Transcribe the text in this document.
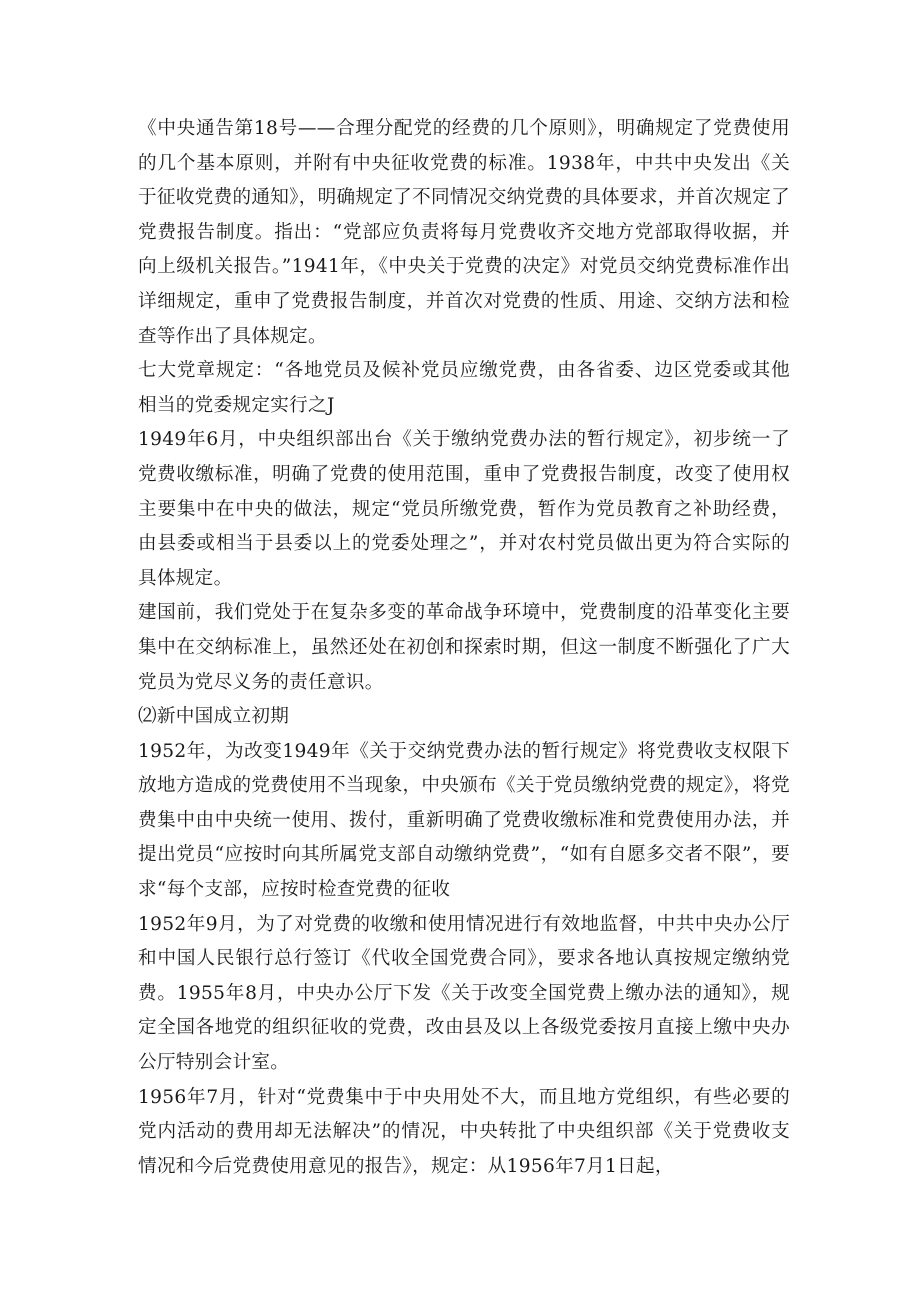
《中央通告第18号——合理分配党的经费的几个原则》，明确规定了党费使用的几个基本原则，并附有中央征收党费的标准。1938年，中共中央发出《关于征收党费的通知》，明确规定了不同情况交纳党费的具体要求，并首次规定了党费报告制度。指出：“党部应负责将每月党费收齐交地方党部取得收据，并向上级机关报告。”1941年，《中央关于党费的决定》对党员交纳党费标准作出详细规定，重申了党费报告制度，并首次对党费的性质、用途、交纳方法和检查等作出了具体规定。

七大党章规定：“各地党员及候补党员应缴党费，由各省委、边区党委或其他相当的党委规定实行之J

1949年6月，中央组织部出台《关于缴纳党费办法的暂行规定》，初步统一了党费收缴标准，明确了党费的使用范围，重申了党费报告制度，改变了使用权主要集中在中央的做法，规定“党员所缴党费，暂作为党员教育之补助经费，由县委或相当于县委以上的党委处理之”，并对农村党员做出更为符合实际的具体规定。

建国前，我们党处于在复杂多变的革命战争环境中，党费制度的沿革变化主要集中在交纳标准上，虽然还处在初创和探索时期，但这一制度不断强化了广大党员为党尽义务的责任意识。

⑵新中国成立初期

1952年，为改变1949年《关于交纳党费办法的暂行规定》将党费收支权限下放地方造成的党费使用不当现象，中央颁布《关于党员缴纳党费的规定》，将党费集中由中央统一使用、拨付，重新明确了党费收缴标准和党费使用办法，并提出党员“应按时向其所属党支部自动缴纳党费”，“如有自愿多交者不限”，要求“每个支部，应按时检查党费的征收

1952年9月，为了对党费的收缴和使用情况进行有效地监督，中共中央办公厅和中国人民银行总行签订《代收全国党费合同》，要求各地认真按规定缴纳党费。1955年8月，中央办公厅下发《关于改变全国党费上缴办法的通知》，规定全国各地党的组织征收的党费，改由县及以上各级党委按月直接上缴中央办公厅特别会计室。

1956年7月，针对“党费集中于中央用处不大，而且地方党组织，有些必要的党内活动的费用却无法解决”的情况，中央转批了中央组织部《关于党费收支情况和今后党费使用意见的报告》，规定：从1956年7月1日起，
